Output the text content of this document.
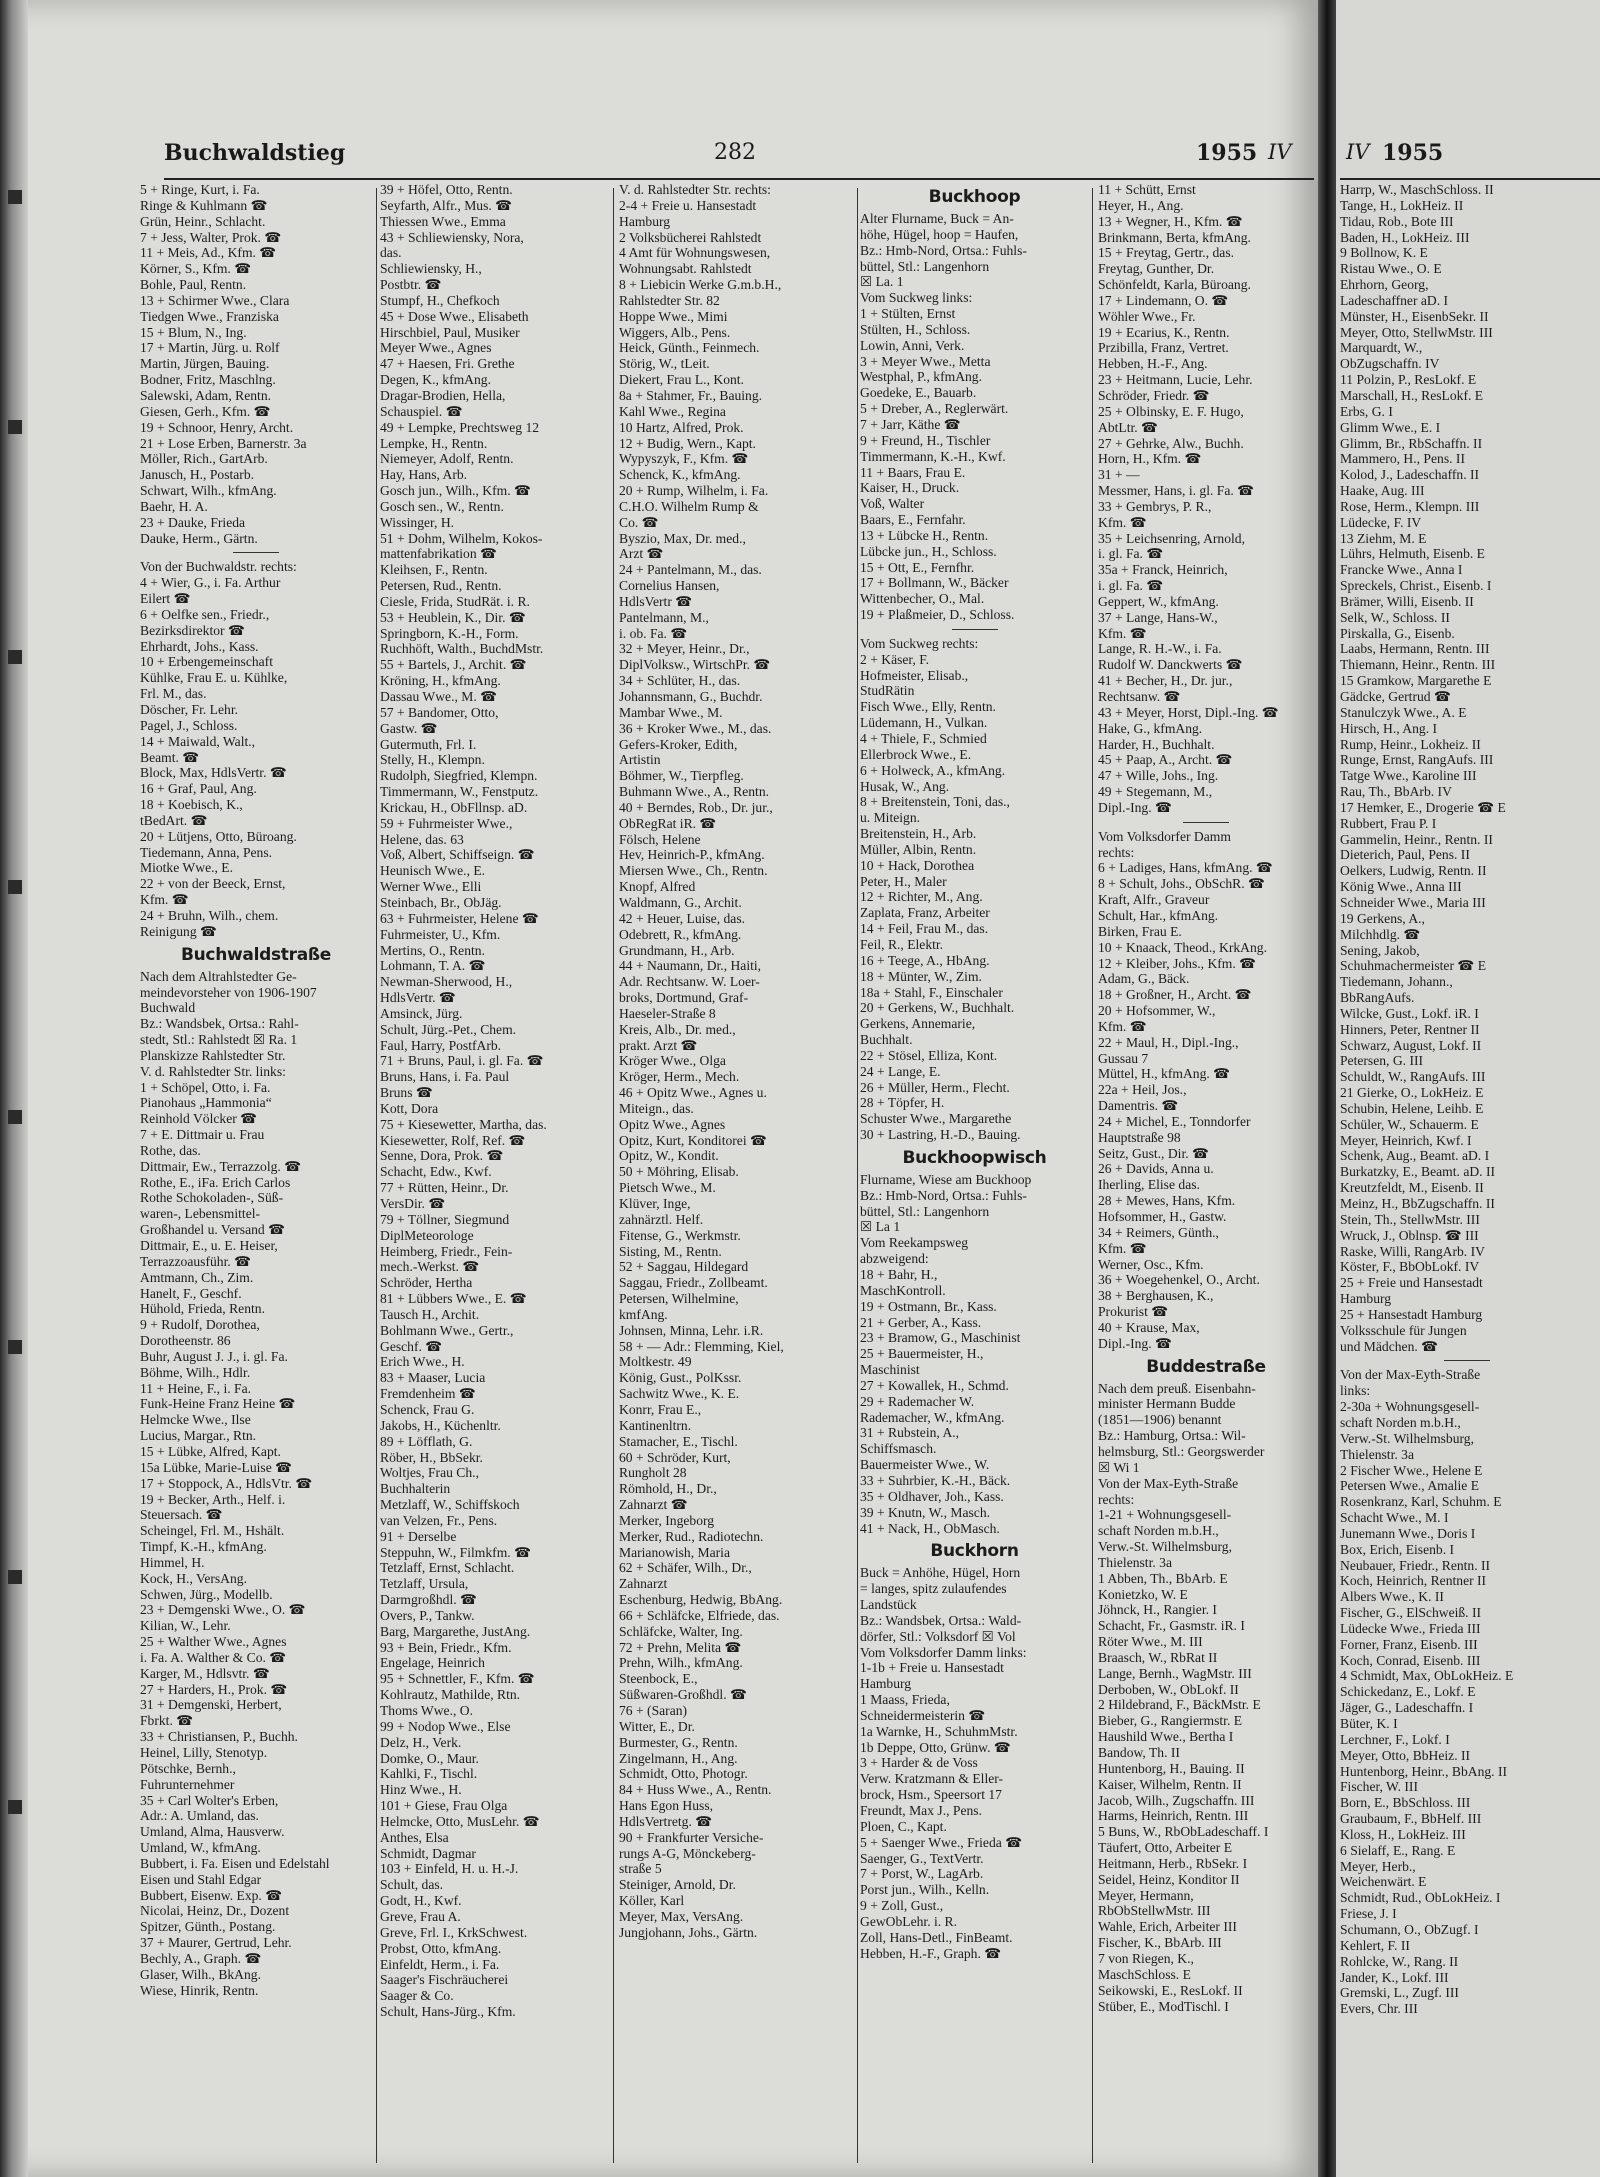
Buchwaldstieg	282	1955 IV
5 + Ringe, Kurt, i. Fa.
Ringe & Kuhlmann ☎
Grün, Heinr., Schlacht.
7 + Jess, Walter, Prok. ☎
11 + Meis, Ad., Kfm. ☎
Körner, S., Kfm. ☎
Bohle, Paul, Rentn.
13 + Schirmer Wwe., Clara
Tiedgen Wwe., Franziska
15 + Blum, N., Ing.
17 + Martin, Jürg. u. Rolf
Martin, Jürgen, Bauing.
Bodner, Fritz, Maschlng.
Salewski, Adam, Rentn.
Giesen, Gerh., Kfm. ☎
19 + Schnoor, Henry, Archt.
21 + Lose Erben, Barnerstr. 3a
Möller, Rich., GartArb.
Janusch, H., Postarb.
Schwart, Wilh., kfmAng.
Baehr, H. A.
23 + Dauke, Frieda
Dauke, Herm., Gärtn.
Von der Buchwaldstr. rechts:
4 + Wier, G., i. Fa. Arthur
Eilert ☎
6 + Oelfke sen., Friedr.,
Bezirksdirektor ☎
Ehrhardt, Johs., Kass.
10 + Erbengemeinschaft
Kühlke, Frau E. u. Kühlke,
Frl. M., das.
Döscher, Fr. Lehr.
Pagel, J., Schloss.
14 + Maiwald, Walt.,
Beamt. ☎
Block, Max, HdlsVertr. ☎
16 + Graf, Paul, Ang.
18 + Koebisch, K.,
tBedArt. ☎
20 + Lütjens, Otto, Büroang.
Tiedemann, Anna, Pens.
Miotke Wwe., E.
22 + von der Beeck, Ernst,
Kfm. ☎
24 + Bruhn, Wilh., chem.
Reinigung ☎
Buchwaldstraße
Nach dem Altrahlstedter Ge-
meindevorsteher von 1906-1907
Buchwald
Bz.: Wandsbek, Ortsa.: Rahl-
stedt, Stl.: Rahlstedt ☒ Ra. 1
Planskizze Rahlstedter Str.
V. d. Rahlstedter Str. links:
1 + Schöpel, Otto, i. Fa.
Pianohaus „Hammonia“
Reinhold Völcker ☎
7 + E. Dittmair u. Frau
Rothe, das.
Dittmair, Ew., Terrazzolg. ☎
Rothe, E., iFa. Erich Carlos
Rothe Schokoladen-, Süß-
waren-, Lebensmittel-
Großhandel u. Versand ☎
Dittmair, E., u. E. Heiser,
Terrazzoausführ. ☎
Amtmann, Ch., Zim.
Hanelt, F., Geschf.
Hühold, Frieda, Rentn.
9 + Rudolf, Dorothea,
Dorotheenstr. 86
Buhr, August J. J., i. gl. Fa.
Böhme, Wilh., Hdlr.
11 + Heine, F., i. Fa.
Funk-Heine Franz Heine ☎
Helmcke Wwe., Ilse
Lucius, Margar., Rtn.
15 + Lübke, Alfred, Kapt.
15a Lübke, Marie-Luise ☎
17 + Stoppock, A., HdlsVtr. ☎
19 + Becker, Arth., Helf. i.
Steuersach. ☎
Scheingel, Frl. M., Hshält.
Timpf, K.-H., kfmAng.
Himmel, H.
Kock, H., VersAng.
Schwen, Jürg., Modellb.
23 + Demgenski Wwe., O. ☎
Kilian, W., Lehr.
25 + Walther Wwe., Agnes
i. Fa. A. Walther & Co. ☎
Karger, M., Hdlsvtr. ☎
27 + Harders, H., Prok. ☎
31 + Demgenski, Herbert,
Fbrkt. ☎
33 + Christiansen, P., Buchh.
Heinel, Lilly, Stenotyp.
Pötschke, Bernh.,
Fuhrunternehmer
35 + Carl Wolter's Erben,
Adr.: A. Umland, das.
Umland, Alma, Hausverw.
Umland, W., kfmAng.
Bubbert, i. Fa. Eisen und Edelstahl
Eisen und Stahl Edgar
Bubbert, Eisenw. Exp. ☎
Nicolai, Heinz, Dr., Dozent
Spitzer, Günth., Postang.
37 + Maurer, Gertrud, Lehr.
Bechly, A., Graph. ☎
Glaser, Wilh., BkAng.
Wiese, Hinrik, Rentn.
39 + Höfel, Otto, Rentn.
Seyfarth, Alfr., Mus. ☎
Thiessen Wwe., Emma
43 + Schliewiensky, Nora,
das.
Schliewiensky, H.,
Postbtr. ☎
Stumpf, H., Chefkoch
45 + Dose Wwe., Elisabeth
Hirschbiel, Paul, Musiker
Meyer Wwe., Agnes
47 + Haesen, Fri. Grethe
Degen, K., kfmAng.
Dragar-Brodien, Hella,
Schauspiel. ☎
49 + Lempke, Prechtsweg 12
Lempke, H., Rentn.
Niemeyer, Adolf, Rentn.
Hay, Hans, Arb.
Gosch jun., Wilh., Kfm. ☎
Gosch sen., W., Rentn.
Wissinger, H.
51 + Dohm, Wilhelm, Kokos-
mattenfabrikation ☎
Kleihsen, F., Rentn.
Petersen, Rud., Rentn.
Ciesle, Frida, StudRät. i. R.
53 + Heublein, K., Dir. ☎
Springborn, K.-H., Form.
Ruchhöft, Walth., BuchdMstr.
55 + Bartels, J., Archit. ☎
Kröning, H., kfmAng.
Dassau Wwe., M. ☎
57 + Bandomer, Otto,
Gastw. ☎
Gutermuth, Frl. I.
Stelly, H., Klempn.
Rudolph, Siegfried, Klempn.
Timmermann, W., Fenstputz.
Krickau, H., ObFllnsp. aD.
59 + Fuhrmeister Wwe.,
Helene, das. 63
Voß, Albert, Schiffseign. ☎
Heunisch Wwe., E.
Werner Wwe., Elli
Steinbach, Br., ObJäg.
63 + Fuhrmeister, Helene ☎
Fuhrmeister, U., Kfm.
Mertins, O., Rentn.
Lohmann, T. A. ☎
Newman-Sherwood, H.,
HdlsVertr. ☎
Amsinck, Jürg.
Schult, Jürg.-Pet., Chem.
Faul, Harry, PostfArb.
71 + Bruns, Paul, i. gl. Fa. ☎
Bruns, Hans, i. Fa. Paul
Bruns ☎
Kott, Dora
75 + Kiesewetter, Martha, das.
Kiesewetter, Rolf, Ref. ☎
Senne, Dora, Prok. ☎
Schacht, Edw., Kwf.
77 + Rütten, Heinr., Dr.
VersDir. ☎
79 + Töllner, Siegmund
DiplMeteorologe
Heimberg, Friedr., Fein-
mech.-Werkst. ☎
Schröder, Hertha
81 + Lübbers Wwe., E. ☎
Tausch H., Archit.
Bohlmann Wwe., Gertr.,
Geschf. ☎
Erich Wwe., H.
83 + Maaser, Lucia
Fremdenheim ☎
Schenck, Frau G.
Jakobs, H., Küchenltr.
89 + Löfflath, G.
Röber, H., BbSekr.
Woltjes, Frau Ch.,
Buchhalterin
Metzlaff, W., Schiffskoch
van Velzen, Fr., Pens.
91 + Derselbe
Steppuhn, W., Filmkfm. ☎
Tetzlaff, Ernst, Schlacht.
Tetzlaff, Ursula,
Darmgroßhdl. ☎
Overs, P., Tankw.
Barg, Margarethe, JustAng.
93 + Bein, Friedr., Kfm.
Engelage, Heinrich
95 + Schnettler, F., Kfm. ☎
Kohlrautz, Mathilde, Rtn.
Thoms Wwe., O.
99 + Nodop Wwe., Else
Delz, H., Verk.
Domke, O., Maur.
Kahlki, F., Tischl.
Hinz Wwe., H.
101 + Giese, Frau Olga
Helmcke, Otto, MusLehr. ☎
Anthes, Elsa
Schmidt, Dagmar
103 + Einfeld, H. u. H.-J.
Schult, das.
Godt, H., Kwf.
Greve, Frau A.
Greve, Frl. I., KrkSchwest.
Probst, Otto, kfmAng.
Einfeldt, Herm., i. Fa.
Saager's Fischräucherei
Saager & Co.
Schult, Hans-Jürg., Kfm.
V. d. Rahlstedter Str. rechts:
2-4 + Freie u. Hansestadt
Hamburg
2 Volksbücherei Rahlstedt
4 Amt für Wohnungswesen,
Wohnungsabt. Rahlstedt
8 + Liebicin Werke G.m.b.H.,
Rahlstedter Str. 82
Hoppe Wwe., Mimi
Wiggers, Alb., Pens.
Heick, Günth., Feinmech.
Störig, W., tLeit.
Diekert, Frau L., Kont.
8a + Stahmer, Fr., Bauing.
Kahl Wwe., Regina
10 Hartz, Alfred, Prok.
12 + Budig, Wern., Kapt.
Wypyszyk, F., Kfm. ☎
Schenck, K., kfmAng.
20 + Rump, Wilhelm, i. Fa.
C.H.O. Wilhelm Rump &
Co. ☎
Byszio, Max, Dr. med.,
Arzt ☎
24 + Pantelmann, M., das.
Cornelius Hansen,
HdlsVertr ☎
Pantelmann, M.,
i. ob. Fa. ☎
32 + Meyer, Heinr., Dr.,
DiplVolksw., WirtschPr. ☎
34 + Schlüter, H., das.
Johannsmann, G., Buchdr.
Mambar Wwe., M.
36 + Kroker Wwe., M., das.
Gefers-Kroker, Edith,
Artistin
Böhmer, W., Tierpfleg.
Buhmann Wwe., A., Rentn.
40 + Berndes, Rob., Dr. jur.,
ObRegRat iR. ☎
Fölsch, Helene
Hev, Heinrich-P., kfmAng.
Miersen Wwe., Ch., Rentn.
Knopf, Alfred
Waldmann, G., Archit.
42 + Heuer, Luise, das.
Odebrett, R., kfmAng.
Grundmann, H., Arb.
44 + Naumann, Dr., Haiti,
Adr. Rechtsanw. W. Loer-
broks, Dortmund, Graf-
Haeseler-Straße 8
Kreis, Alb., Dr. med.,
prakt. Arzt ☎
Kröger Wwe., Olga
Kröger, Herm., Mech.
46 + Opitz Wwe., Agnes u.
Miteign., das.
Opitz Wwe., Agnes
Opitz, Kurt, Konditorei ☎
Opitz, W., Kondit.
50 + Möhring, Elisab.
Pietsch Wwe., M.
Klüver, Inge,
zahnärztl. Helf.
Fitense, G., Werkmstr.
Sisting, M., Rentn.
52 + Saggau, Hildegard
Saggau, Friedr., Zollbeamt.
Petersen, Wilhelmine,
kmfAng.
Johnsen, Minna, Lehr. i.R.
58 + — Adr.: Flemming, Kiel,
Moltkestr. 49
König, Gust., PolKssr.
Sachwitz Wwe., K. E.
Konrr, Frau E.,
Kantinenltrn.
Stamacher, E., Tischl.
60 + Schröder, Kurt,
Rungholt 28
Römhold, H., Dr.,
Zahnarzt ☎
Merker, Ingeborg
Merker, Rud., Radiotechn.
Marianowish, Maria
62 + Schäfer, Wilh., Dr.,
Zahnarzt
Eschenburg, Hedwig, BbAng.
66 + Schläfcke, Elfriede, das.
Schläfcke, Walter, Ing.
72 + Prehn, Melita ☎
Prehn, Wilh., kfmAng.
Steenbock, E.,
Süßwaren-Großhdl. ☎
76 + (Saran)
Witter, E., Dr.
Burmester, G., Rentn.
Zingelmann, H., Ang.
Schmidt, Otto, Photogr.
84 + Huss Wwe., A., Rentn.
Hans Egon Huss,
HdlsVertretg. ☎
90 + Frankfurter Versiche-
rungs A-G, Mönckeberg-
straße 5
Steiniger, Arnold, Dr.
Köller, Karl
Meyer, Max, VersAng.
Jungjohann, Johs., Gärtn.
Buckhoop
Alter Flurname, Buck = An-
höhe, Hügel, hoop = Haufen,
Bz.: Hmb-Nord, Ortsa.: Fuhls-
büttel, Stl.: Langenhorn
☒ La. 1
Vom Suckweg links:
1 + Stülten, Ernst
Stülten, H., Schloss.
Lowin, Anni, Verk.
3 + Meyer Wwe., Metta
Westphal, P., kfmAng.
Goedeke, E., Bauarb.
5 + Dreber, A., Reglerwärt.
7 + Jarr, Käthe ☎
9 + Freund, H., Tischler
Timmermann, K.-H., Kwf.
11 + Baars, Frau E.
Kaiser, H., Druck.
Voß, Walter
Baars, E., Fernfahr.
13 + Lübcke H., Rentn.
Lübcke jun., H., Schloss.
15 + Ott, E., Fernfhr.
17 + Bollmann, W., Bäcker
Wittenbecher, O., Mal.
19 + Plaßmeier, D., Schloss.
Vom Suckweg rechts:
2 + Käser, F.
Hofmeister, Elisab.,
StudRätin
Fisch Wwe., Elly, Rentn.
Lüdemann, H., Vulkan.
4 + Thiele, F., Schmied
Ellerbrock Wwe., E.
6 + Holweck, A., kfmAng.
Husak, W., Ang.
8 + Breitenstein, Toni, das.,
u. Miteign.
Breitenstein, H., Arb.
Müller, Albin, Rentn.
10 + Hack, Dorothea
Peter, H., Maler
12 + Richter, M., Ang.
Zaplata, Franz, Arbeiter
14 + Feil, Frau M., das.
Feil, R., Elektr.
16 + Teege, A., HbAng.
18 + Münter, W., Zim.
18a + Stahl, F., Einschaler
20 + Gerkens, W., Buchhalt.
Gerkens, Annemarie,
Buchhalt.
22 + Stösel, Elliza, Kont.
24 + Lange, E.
26 + Müller, Herm., Flecht.
28 + Töpfer, H.
Schuster Wwe., Margarethe
30 + Lastring, H.-D., Bauing.
Buckhoopwisch
Flurname, Wiese am Buckhoop
Bz.: Hmb-Nord, Ortsa.: Fuhls-
büttel, Stl.: Langenhorn
☒ La 1
Vom Reekampsweg
abzweigend:
18 + Bahr, H.,
MaschKontroll.
19 + Ostmann, Br., Kass.
21 + Gerber, A., Kass.
23 + Bramow, G., Maschinist
25 + Bauermeister, H.,
Maschinist
27 + Kowallek, H., Schmd.
29 + Rademacher W.
Rademacher, W., kfmAng.
31 + Rubstein, A.,
Schiffsmasch.
Bauermeister Wwe., W.
33 + Suhrbier, K.-H., Bäck.
35 + Oldhaver, Joh., Kass.
39 + Knutn, W., Masch.
41 + Nack, H., ObMasch.
Buckhorn
Buck = Anhöhe, Hügel, Horn
= langes, spitz zulaufendes
Landstück
Bz.: Wandsbek, Ortsa.: Wald-
dörfer, Stl.: Volksdorf ☒ Vol
Vom Volksdorfer Damm links:
1-1b + Freie u. Hansestadt
Hamburg
1 Maass, Frieda,
Schneidermeisterin ☎
1a Warnke, H., SchuhmMstr.
1b Deppe, Otto, Grünw. ☎
3 + Harder & de Voss
Verw. Kratzmann & Eller-
brock, Hsm., Speersort 17
Freundt, Max J., Pens.
Ploen, C., Kapt.
5 + Saenger Wwe., Frieda ☎
Saenger, G., TextVertr.
7 + Porst, W., LagArb.
Porst jun., Wilh., Kelln.
9 + Zoll, Gust.,
GewObLehr. i. R.
Zoll, Hans-Detl., FinBeamt.
Hebben, H.-F., Graph. ☎
11 + Schütt, Ernst
Heyer, H., Ang.
13 + Wegner, H., Kfm. ☎
Brinkmann, Berta, kfmAng.
15 + Freytag, Gertr., das.
Freytag, Gunther, Dr.
Schönfeldt, Karla, Büroang.
17 + Lindemann, O. ☎
Wöhler Wwe., Fr.
19 + Ecarius, K., Rentn.
Przibilla, Franz, Vertret.
Hebben, H.-F., Ang.
23 + Heitmann, Lucie, Lehr.
Schröder, Friedr. ☎
25 + Olbinsky, E. F. Hugo,
AbtLtr. ☎
27 + Gehrke, Alw., Buchh.
Horn, H., Kfm. ☎
31 + —
Messmer, Hans, i. gl. Fa. ☎
33 + Gembrys, P. R.,
Kfm. ☎
35 + Leichsenring, Arnold,
i. gl. Fa. ☎
35a + Franck, Heinrich,
i. gl. Fa. ☎
Geppert, W., kfmAng.
37 + Lange, Hans-W.,
Kfm. ☎
Lange, R. H.-W., i. Fa.
Rudolf W. Danckwerts ☎
41 + Becher, H., Dr. jur.,
Rechtsanw. ☎
43 + Meyer, Horst, Dipl.-Ing. ☎
Hake, G., kfmAng.
Harder, H., Buchhalt.
45 + Paap, A., Archt. ☎
47 + Wille, Johs., Ing.
49 + Stegemann, M.,
Dipl.-Ing. ☎
Vom Volksdorfer Damm
rechts:
6 + Ladiges, Hans, kfmAng. ☎
8 + Schult, Johs., ObSchR. ☎
Kraft, Alfr., Graveur
Schult, Har., kfmAng.
Birken, Frau E.
10 + Knaack, Theod., KrkAng.
12 + Kleiber, Johs., Kfm. ☎
Adam, G., Bäck.
18 + Großner, H., Archt. ☎
20 + Hofsommer, W.,
Kfm. ☎
22 + Maul, H., Dipl.-Ing.,
Gussau 7
Müttel, H., kfmAng. ☎
22a + Heil, Jos.,
Damentris. ☎
24 + Michel, E., Tonndorfer
Hauptstraße 98
Seitz, Gust., Dir. ☎
26 + Davids, Anna u.
Iherling, Elise das.
28 + Mewes, Hans, Kfm.
Hofsommer, H., Gastw.
34 + Reimers, Günth.,
Kfm. ☎
Werner, Osc., Kfm.
36 + Woegehenkel, O., Archt.
38 + Berghausen, K.,
Prokurist ☎
40 + Krause, Max,
Dipl.-Ing. ☎
Buddestraße
Nach dem preuß. Eisenbahn-
minister Hermann Budde
(1851—1906) benannt
Bz.: Hamburg, Ortsa.: Wil-
helmsburg, Stl.: Georgswerder
☒ Wi 1
Von der Max-Eyth-Straße
rechts:
1-21 + Wohnungsgesell-
schaft Norden m.b.H.,
Verw.-St. Wilhelmsburg,
Thielenstr. 3a
1 Abben, Th., BbArb. E
Konietzko, W. E
Jöhnck, H., Rangier. I
Schacht, Fr., Gasmstr. iR. I
Röter Wwe., M. III
Braasch, W., RbRat II
Lange, Bernh., WagMstr. III
Derboben, W., ObLokf. II
2 Hildebrand, F., BäckMstr. E
Bieber, G., Rangiermstr. E
Haushild Wwe., Bertha I
Bandow, Th. II
Huntenborg, H., Bauing. II
Kaiser, Wilhelm, Rentn. II
Jacob, Wilh., Zugschaffn. III
Harms, Heinrich, Rentn. III
5 Buns, W., RbObLadeschaff. I
Täufert, Otto, Arbeiter E
Heitmann, Herb., RbSekr. I
Seidel, Heinz, Konditor II
Meyer, Hermann,
RbObStellwMstr. III
Wahle, Erich, Arbeiter III
Fischer, K., BbArb. III
7 von Riegen, K.,
MaschSchloss. E
Seikowski, E., ResLokf. II
Stüber, E., ModTischl. I
IV 1955
Harrp, W., MaschSchloss. II
Tange, H., LokHeiz. II
Tidau, Rob., Bote III
Baden, H., LokHeiz. III
9 Bollnow, K. E
Ristau Wwe., O. E
Ehrhorn, Georg,
Ladeschaffner aD. I
Münster, H., EisenbSekr. II
Meyer, Otto, StellwMstr. III
Marquardt, W.,
ObZugschaffn. IV
11 Polzin, P., ResLokf. E
Marschall, H., ResLokf. E
Erbs, G. I
Glimm Wwe., E. I
Glimm, Br., RbSchaffn. II
Mammero, H., Pens. II
Kolod, J., Ladeschaffn. II
Haake, Aug. III
Rose, Herm., Klempn. III
Lüdecke, F. IV
13 Ziehm, M. E
Lührs, Helmuth, Eisenb. E
Francke Wwe., Anna I
Spreckels, Christ., Eisenb. I
Brämer, Willi, Eisenb. II
Selk, W., Schloss. II
Pirskalla, G., Eisenb.
Laabs, Hermann, Rentn. III
Thiemann, Heinr., Rentn. III
15 Gramkow, Margarethe E
Gädcke, Gertrud ☎
Stanulczyk Wwe., A. E
Hirsch, H., Ang. I
Rump, Heinr., Lokheiz. II
Runge, Ernst, RangAufs. III
Tatge Wwe., Karoline III
Rau, Th., BbArb. IV
17 Hemker, E., Drogerie ☎ E
Rubbert, Frau P. I
Gammelin, Heinr., Rentn. II
Dieterich, Paul, Pens. II
Oelkers, Ludwig, Rentn. II
König Wwe., Anna III
Schneider Wwe., Maria III
19 Gerkens, A.,
Milchhdlg. ☎
Sening, Jakob,
Schuhmachermeister ☎ E
Tiedemann, Johann.,
BbRangAufs.
Wilcke, Gust., Lokf. iR. I
Hinners, Peter, Rentner II
Schwarz, August, Lokf. II
Petersen, G. III
Schuldt, W., RangAufs. III
21 Gierke, O., LokHeiz. E
Schubin, Helene, Leihb. E
Schüler, W., Schauerm. E
Meyer, Heinrich, Kwf. I
Schenk, Aug., Beamt. aD. I
Burkatzky, E., Beamt. aD. II
Kreutzfeldt, M., Eisenb. II
Meinz, H., BbZugschaffn. II
Stein, Th., StellwMstr. III
Wruck, J., Oblnsp. ☎ III
Raske, Willi, RangArb. IV
Köster, F., BbObLokf. IV
25 + Freie und Hansestadt
Hamburg
25 + Hansestadt Hamburg
Volksschule für Jungen
und Mädchen. ☎
Von der Max-Eyth-Straße
links:
2-30a + Wohnungsgesell-
schaft Norden m.b.H.,
Verw.-St. Wilhelmsburg,
Thielenstr. 3a
2 Fischer Wwe., Helene E
Petersen Wwe., Amalie E
Rosenkranz, Karl, Schuhm. E
Schacht Wwe., M. I
Junemann Wwe., Doris I
Box, Erich, Eisenb. I
Neubauer, Friedr., Rentn. II
Koch, Heinrich, Rentner II
Albers Wwe., K. II
Fischer, G., ElSchweiß. II
Lüdecke Wwe., Frieda III
Forner, Franz, Eisenb. III
Koch, Conrad, Eisenb. III
4 Schmidt, Max, ObLokHeiz. E
Schickedanz, E., Lokf. E
Jäger, G., Ladeschaffn. I
Büter, K. I
Lerchner, F., Lokf. I
Meyer, Otto, BbHeiz. II
Huntenborg, Heinr., BbAng. II
Fischer, W. III
Born, E., BbSchloss. III
Graubaum, F., BbHelf. III
Kloss, H., LokHeiz. III
6 Sielaff, E., Rang. E
Meyer, Herb.,
Weichenwärt. E
Schmidt, Rud., ObLokHeiz. I
Friese, J. I
Schumann, O., ObZugf. I
Kehlert, F. II
Rohlcke, W., Rang. II
Jander, K., Lokf. III
Gremski, L., Zugf. III
Evers, Chr. III
